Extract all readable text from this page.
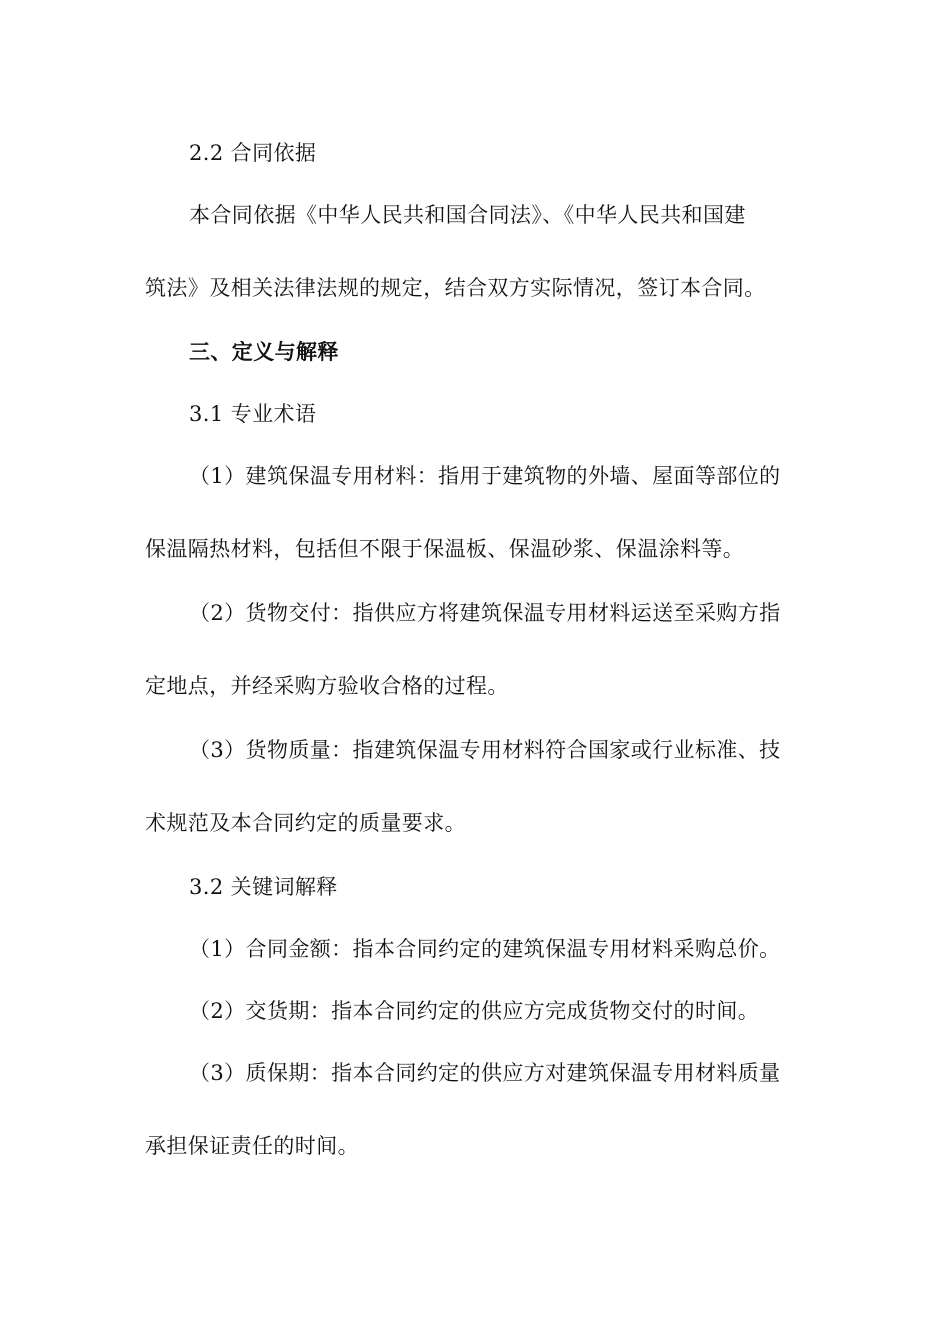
2.2 合同依据
本合同依据《中华人民共和国合同法》、《中华人民共和国建
筑法》及相关法律法规的规定，结合双方实际情况，签订本合同。
三、定义与解释
3.1 专业术语
（1）建筑保温专用材料：指用于建筑物的外墙、屋面等部位的
保温隔热材料，包括但不限于保温板、保温砂浆、保温涂料等。
（2）货物交付：指供应方将建筑保温专用材料运送至采购方指
定地点，并经采购方验收合格的过程。
（3）货物质量：指建筑保温专用材料符合国家或行业标准、技
术规范及本合同约定的质量要求。
3.2 关键词解释
（1）合同金额：指本合同约定的建筑保温专用材料采购总价。
（2）交货期：指本合同约定的供应方完成货物交付的时间。
（3）质保期：指本合同约定的供应方对建筑保温专用材料质量
承担保证责任的时间。
